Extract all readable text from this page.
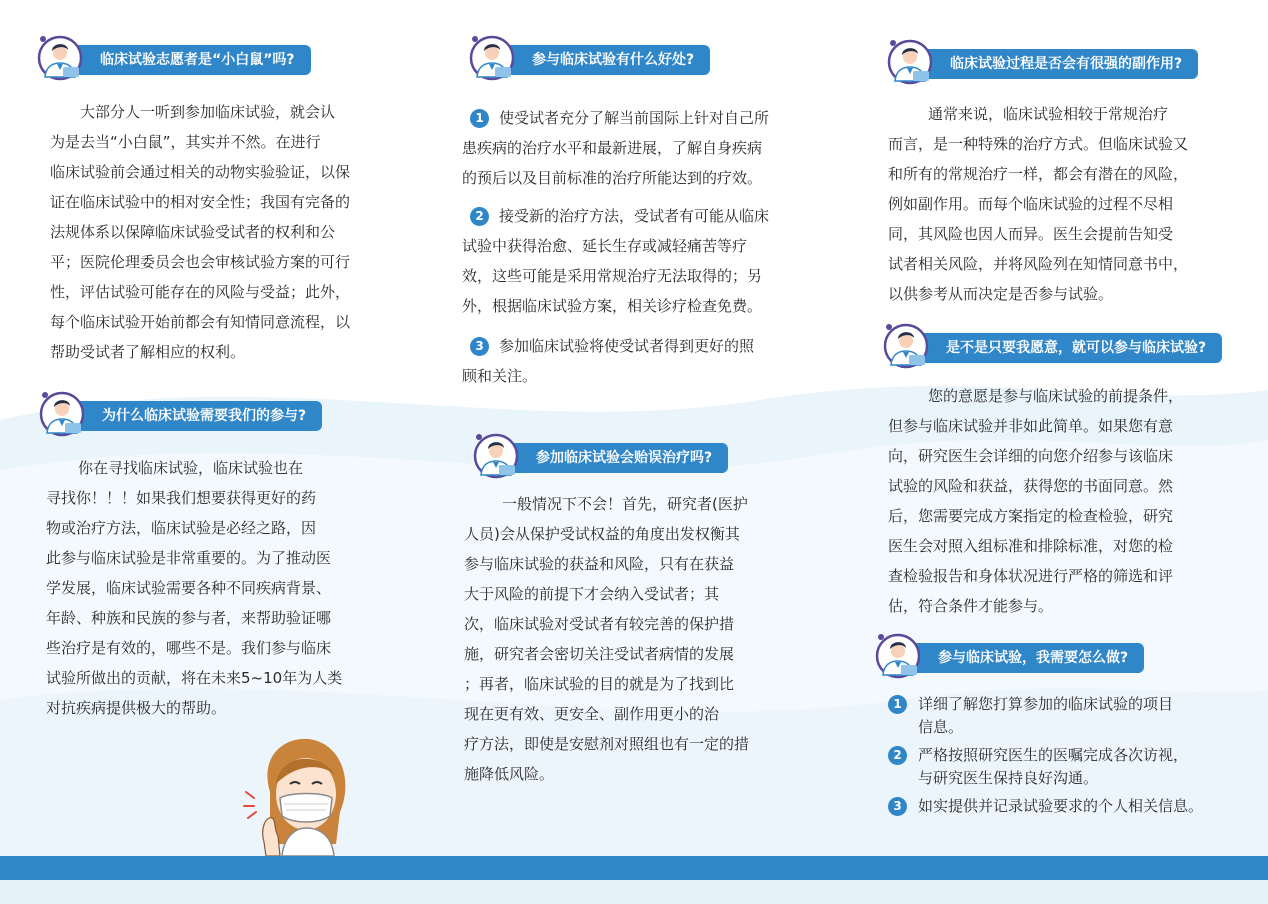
临床试验志愿者是“小白鼠”吗?
大部分人一听到参加临床试验，就会认
为是去当“小白鼠”，其实并不然。在进行
临床试验前会通过相关的动物实验验证，以保
证在临床试验中的相对安全性；我国有完备的
法规体系以保障临床试验受试者的权利和公
平；医院伦理委员会也会审核试验方案的可行
性，评估试验可能存在的风险与受益；此外，
每个临床试验开始前都会有知情同意流程，以
帮助受试者了解相应的权利。
为什么临床试验需要我们的参与?
你在寻找临床试验，临床试验也在
寻找你！！！如果我们想要获得更好的药
物或治疗方法，临床试验是必经之路，因
此参与临床试验是非常重要的。为了推动医
学发展，临床试验需要各种不同疾病背景、
年龄、种族和民族的参与者，来帮助验证哪
些治疗是有效的，哪些不是。我们参与临床
试验所做出的贡献，将在未来5~10年为人类
对抗疾病提供极大的帮助。
参与临床试验有什么好处?
1 使受试者充分了解当前国际上针对自己所
患疾病的治疗水平和最新进展，了解自身疾病
的预后以及目前标准的治疗所能达到的疗效。
2 接受新的治疗方法，受试者有可能从临床
试验中获得治愈、延长生存或减轻痛苦等疗
效，这些可能是采用常规治疗无法取得的；另
外，根据临床试验方案，相关诊疗检查免费。
3 参加临床试验将使受试者得到更好的照
顾和关注。
参加临床试验会贻误治疗吗?
一般情况下不会！首先，研究者(医护
人员)会从保护受试权益的角度出发权衡其
参与临床试验的获益和风险，只有在获益
大于风险的前提下才会纳入受试者；其
次，临床试验对受试者有较完善的保护措
施，研究者会密切关注受试者病情的发展
；再者，临床试验的目的就是为了找到比
现在更有效、更安全、副作用更小的治
疗方法，即使是安慰剂对照组也有一定的措
施降低风险。
临床试验过程是否会有很强的副作用?
通常来说，临床试验相较于常规治疗
而言，是一种特殊的治疗方式。但临床试验又
和所有的常规治疗一样，都会有潜在的风险，
例如副作用。而每个临床试验的过程不尽相
同，其风险也因人而异。医生会提前告知受
试者相关风险，并将风险列在知情同意书中，
以供参考从而决定是否参与试验。
是不是只要我愿意，就可以参与临床试验?
您的意愿是参与临床试验的前提条件，
但参与临床试验并非如此简单。如果您有意
向，研究医生会详细的向您介绍参与该临床
试验的风险和获益，获得您的书面同意。然
后，您需要完成方案指定的检查检验，研究
医生会对照入组标准和排除标准，对您的检
查检验报告和身体状况进行严格的筛选和评
估，符合条件才能参与。
参与临床试验，我需要怎么做?
1	详细了解您打算参加的临床试验的项目
信息。
2	严格按照研究医生的医嘱完成各次访视，
与研究医生保持良好沟通。
3	如实提供并记录试验要求的个人相关信息。
